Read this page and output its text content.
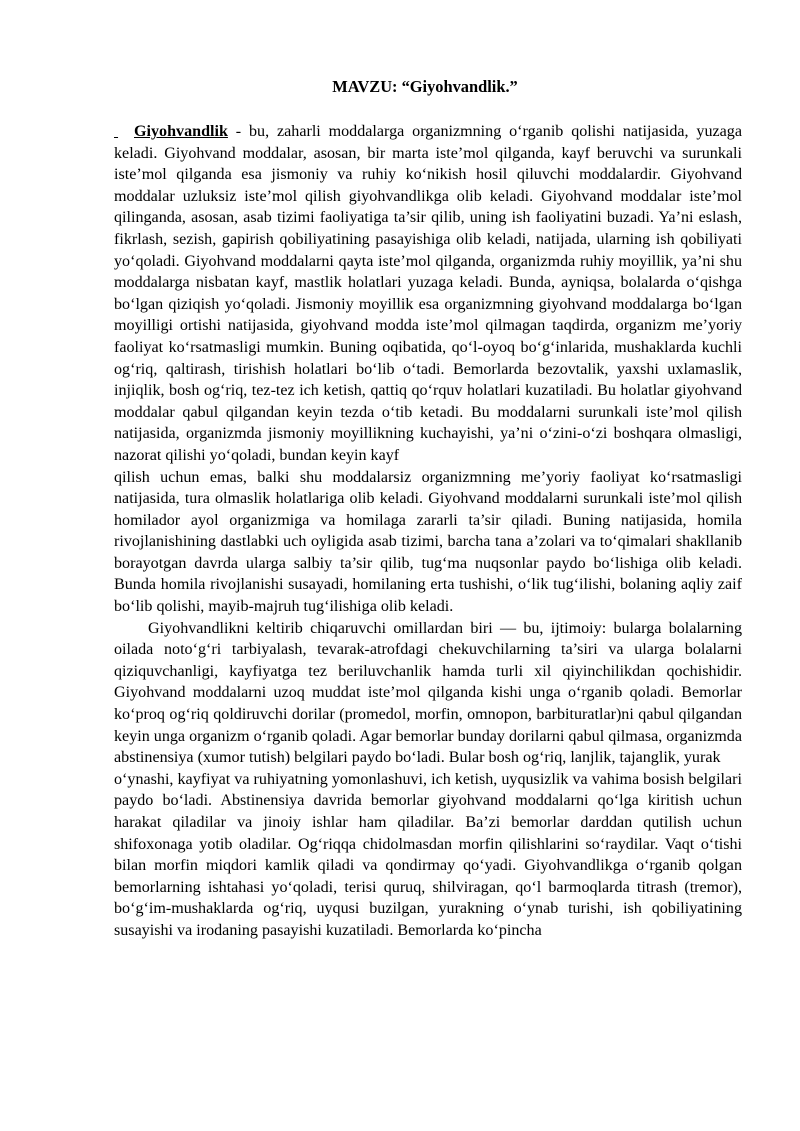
MAVZU: “Giyohvandlik.”

Giyohvandlik - bu, zaharli moddalarga organizmning o‘rganib qolishi natijasida, yuzaga keladi. Giyohvand moddalar, asosan, bir marta iste’mol qilganda, kayf beruvchi va surunkali iste’mol qilganda esa jismoniy va ruhiy ko‘nikish hosil qiluvchi moddalardir. Giyohvand moddalar uzluksiz iste’mol qilish giyohvandlikga olib keladi. Giyohvand moddalar iste’mol qilinganda, asosan, asab tizimi faoliyatiga ta’sir qilib, uning ish faoliyatini buzadi. Ya’ni eslash, fikrlash, sezish, gapirish qobiliyatining pasayishiga olib keladi, natijada, ularning ish qobiliyati yo‘qoladi. Giyohvand moddalarni qayta iste’mol qilganda, organizmda ruhiy moyillik, ya’ni shu moddalarga nisbatan kayf, mastlik holatlari yuzaga keladi. Bunda, ayniqsa, bolalarda o‘qishga bo‘lgan qiziqish yo‘qoladi. Jismoniy moyillik esa organizmning giyohvand moddalarga bo‘lgan moyilligi ortishi natijasida, giyohvand modda iste’mol qilmagan taqdirda, organizm me’yoriy faoliyat ko‘rsatmasligi mumkin. Buning oqibatida, qo‘l-oyoq bo‘g‘inlarida, mushaklarda kuchli og‘riq, qaltirash, tirishish holatlari bo‘lib o‘tadi. Bemorlarda bezovtalik, yaxshi uxlamaslik, injiqlik, bosh og‘riq, tez-tez ich ketish, qattiq qo‘rquv holatlari kuzatiladi. Bu holatlar giyohvand moddalar qabul qilgandan keyin tezda o‘tib ketadi. Bu moddalarni surunkali iste’mol qilish natijasida, organizmda jismoniy moyillikning kuchayishi, ya’ni o‘zini-o‘zi boshqara olmasligi, nazorat qilishi yo‘qoladi, bundan keyin kayf
qilish uchun emas, balki shu moddalarsiz organizmning me’yoriy faoliyat ko‘rsatmasligi natijasida, tura olmaslik holatlariga olib keladi. Giyohvand moddalarni surunkali iste’mol qilish homilador ayol organizmiga va homilaga zararli ta’sir qiladi. Buning natijasida, homila rivojlanishining dastlabki uch oyligida asab tizimi, barcha tana a’zolari va to‘qimalari shakllanib borayotgan davrda ularga salbiy ta’sir qilib, tug‘ma nuqsonlar paydo bo‘lishiga olib keladi. Bunda homila rivojlanishi susayadi, homilaning erta tushishi, o‘lik tug‘ilishi, bolaning aqliy zaif bo‘lib qolishi, mayib-majruh tug‘ilishiga olib keladi.

Giyohvandlikni keltirib chiqaruvchi omillardan biri — bu, ijtimoiy: bularga bolalarning oilada noto‘g‘ri tarbiyalash, tevarak-atrofdagi chekuvchilarning ta’siri va ularga bolalarni qiziquvchanligi, kayfiyatga tez beriluvchanlik hamda turli xil qiyinchilikdan qochishidir. Giyohvand moddalarni uzoq muddat iste’mol qilganda kishi unga o‘rganib qoladi. Bemorlar ko‘proq og‘riq qoldiruvchi dorilar (promedol, morfin, omnopon, barbituratlar)ni qabul qilgandan keyin unga organizm o‘rganib qoladi. Agar bemorlar bunday dorilarni qabul qilmasa, organizmda abstinensiya (xumor tutish) belgilari paydo bo‘ladi. Bular bosh og‘riq, lanjlik, tajanglik, yurak
o‘ynashi, kayfiyat va ruhiyatning yomonlashuvi, ich ketish, uyqusizlik va vahima bosish belgilari paydo bo‘ladi. Abstinensiya davrida bemorlar giyohvand moddalarni qo‘lga kiritish uchun harakat qiladilar va jinoiy ishlar ham qiladilar. Ba’zi bemorlar darddan qutilish uchun shifoxonaga yotib oladilar. Og‘riqqa chidolmasdan morfin qilishlarini so‘raydilar. Vaqt o‘tishi bilan morfin miqdori kamlik qiladi va qondirmay qo‘yadi. Giyohvandlikga o‘rganib qolgan bemorlarning ishtahasi yo‘qoladi, terisi quruq, shilviragan, qo‘l barmoqlarda titrash (tremor), bo‘g‘im-mushaklarda og‘riq, uyqusi buzilgan, yurakning o‘ynab turishi, ish qobiliyatining susayishi va irodaning pasayishi kuzatiladi. Bemorlarda ko‘pincha
